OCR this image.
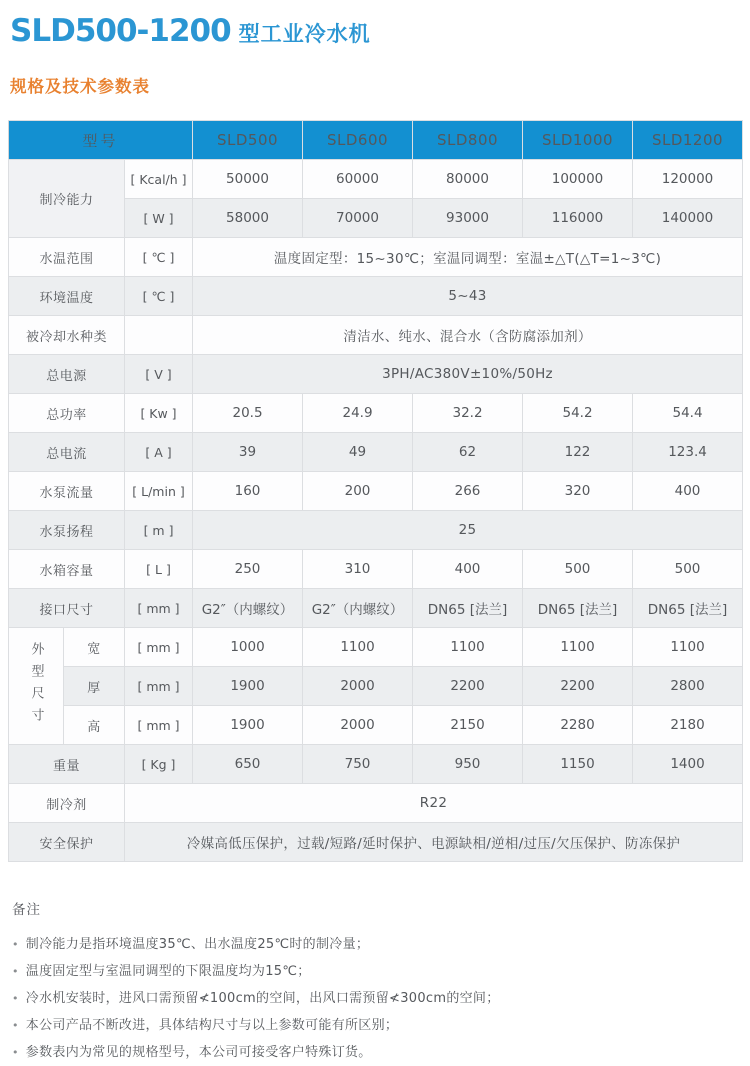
SLD500-1200 型工业冷水机
规格及技术参数表
型号			SLD500	SLD600	SLD800	SLD1000	SLD1200
制冷能力		[ Kcal/h ]	50000	60000	80000	100000	120000
		[ W ]	58000	70000	93000	116000	140000
水温范围		[ ℃ ]	温度固定型：15~30℃；室温同调型：室温±△T(△T=1~3℃)				
环境温度		[ ℃ ]	5~43				
被冷却水种类			清洁水、纯水、混合水（含防腐添加剂）				
总电源		[ V ]	3PH/AC380V±10%/50Hz				
总功率		[ Kw ]	20.5	24.9	32.2	54.2	54.4
总电流		[ A ]	39	49	62	122	123.4
水泵流量		[ L/min ]	160	200	266	320	400
水泵扬程		[ m ]	25				
水箱容量		[ L ]	250	310	400	500	500
接口尺寸		[ mm ]	G2″（内螺纹）	G2″（内螺纹）	DN65 [法兰]	DN65 [法兰]	DN65 [法兰]
外型尺寸	宽	[ mm ]	1000	1100	1100	1100	1100
	厚	[ mm ]	1900	2000	2200	2200	2800
	高	[ mm ]	1900	2000	2150	2280	2180
重量		[ Kg ]	650	750	950	1150	1400
制冷剂		R22					
安全保护		冷媒高低压保护，过载/短路/延时保护、电源缺相/逆相/过压/欠压保护、防冻保护					
备注
• 制冷能力是指环境温度35℃、出水温度25℃时的制冷量；
• 温度固定型与室温同调型的下限温度均为15℃；
• 冷水机安装时，进风口需预留≮100cm的空间，出风口需预留≮300cm的空间；
• 本公司产品不断改进，具体结构尺寸与以上参数可能有所区别；
• 参数表内为常见的规格型号，本公司可接受客户特殊订货。
